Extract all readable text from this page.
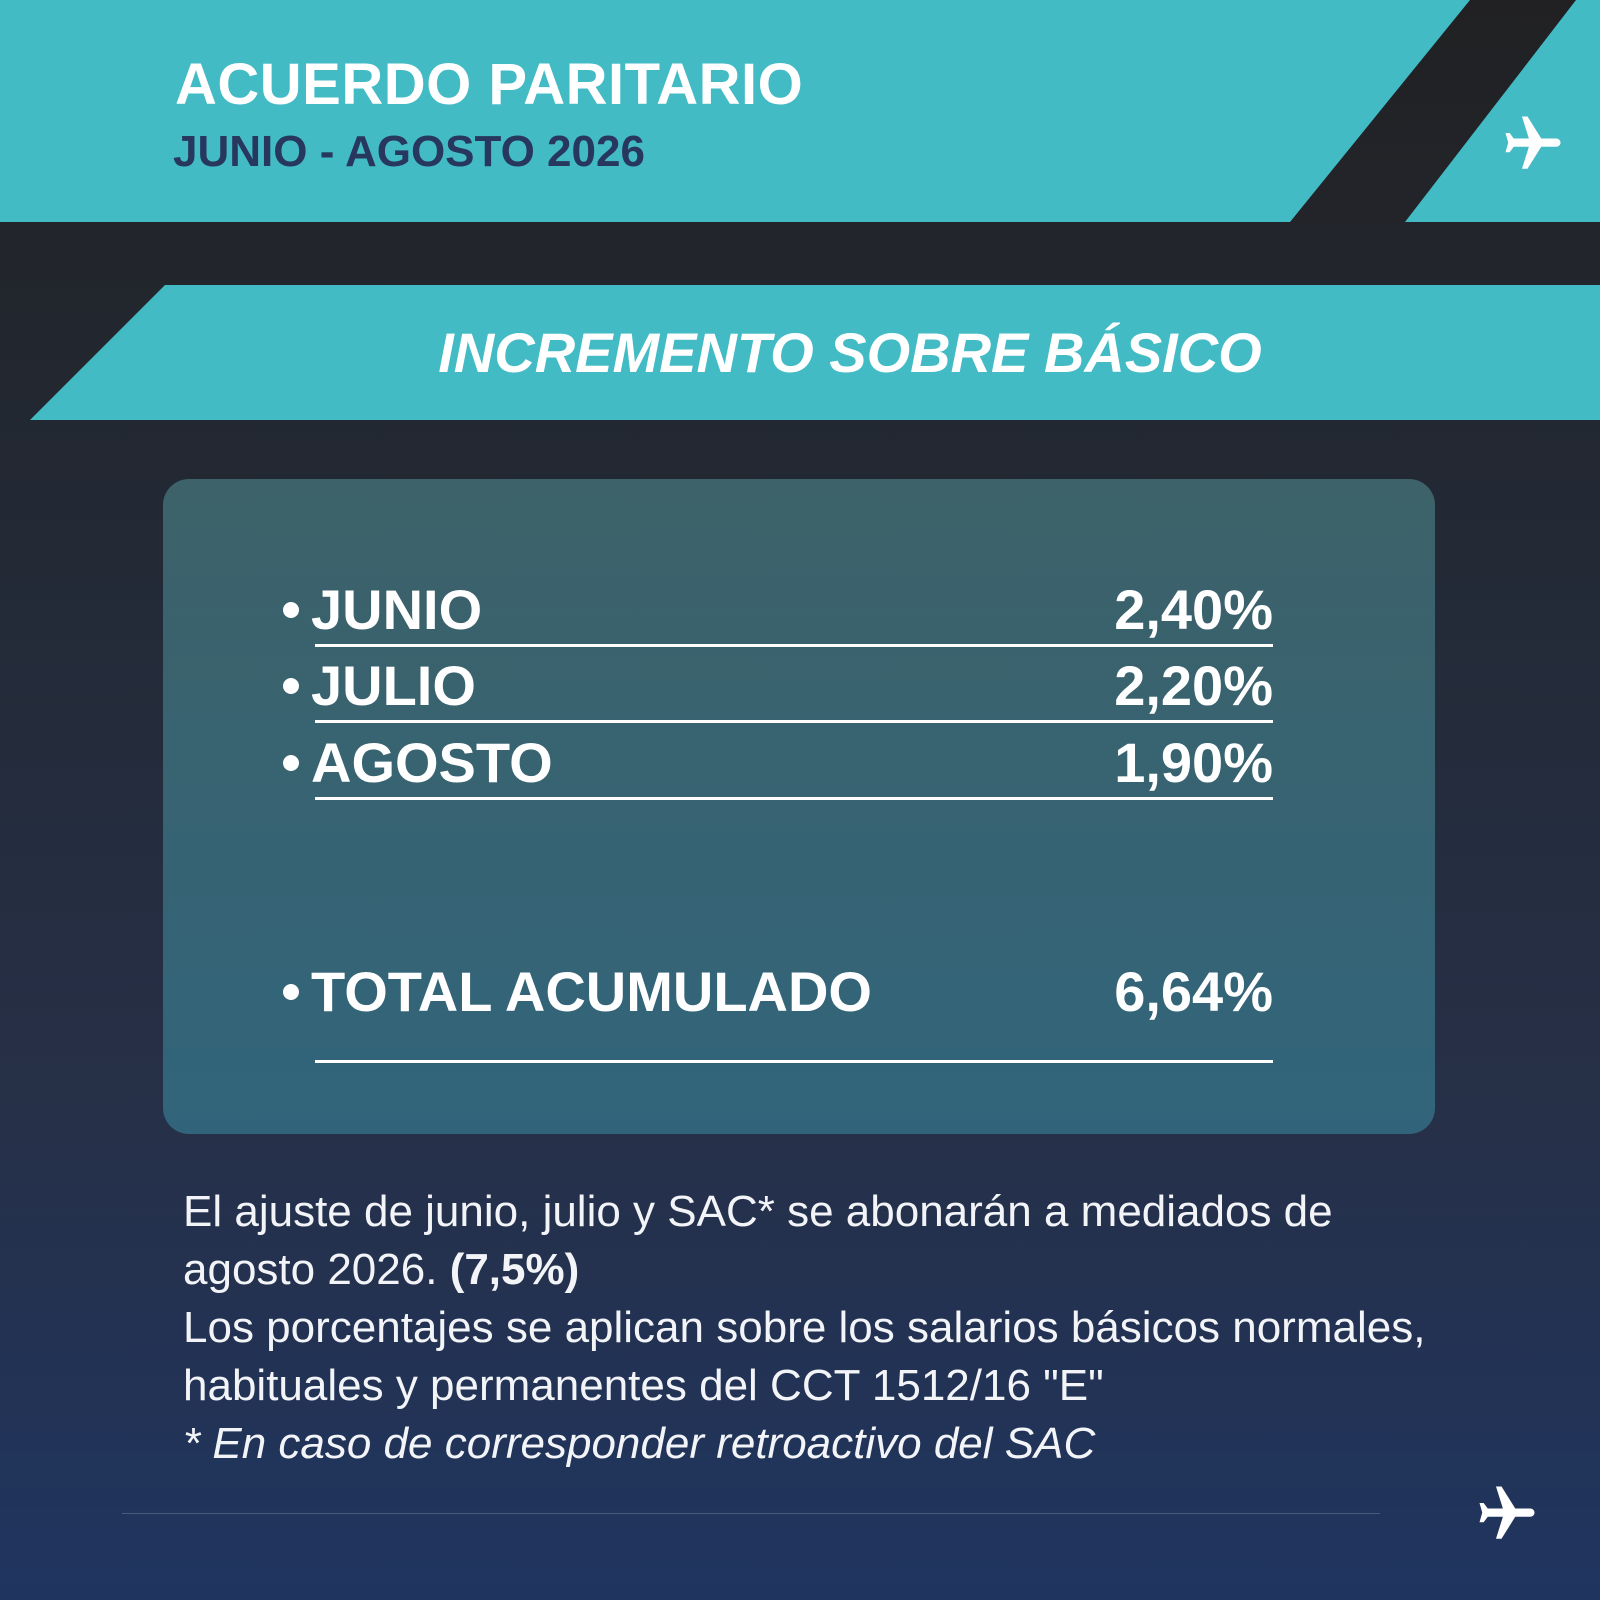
ACUERDO PARITARIO
JUNIO - AGOSTO 2026
INCREMENTO SOBRE BÁSICO
JUNIO	2,40%
JULIO	2,20%
AGOSTO	1,90%
TOTAL ACUMULADO	6,64%

El ajuste de junio, julio y SAC* se abonarán a mediados de agosto 2026. (7,5%)

Los porcentajes se aplican sobre los salarios básicos normales, habituales y permanentes del CCT 1512/16 "E"

* En caso de corresponder retroactivo del SAC
